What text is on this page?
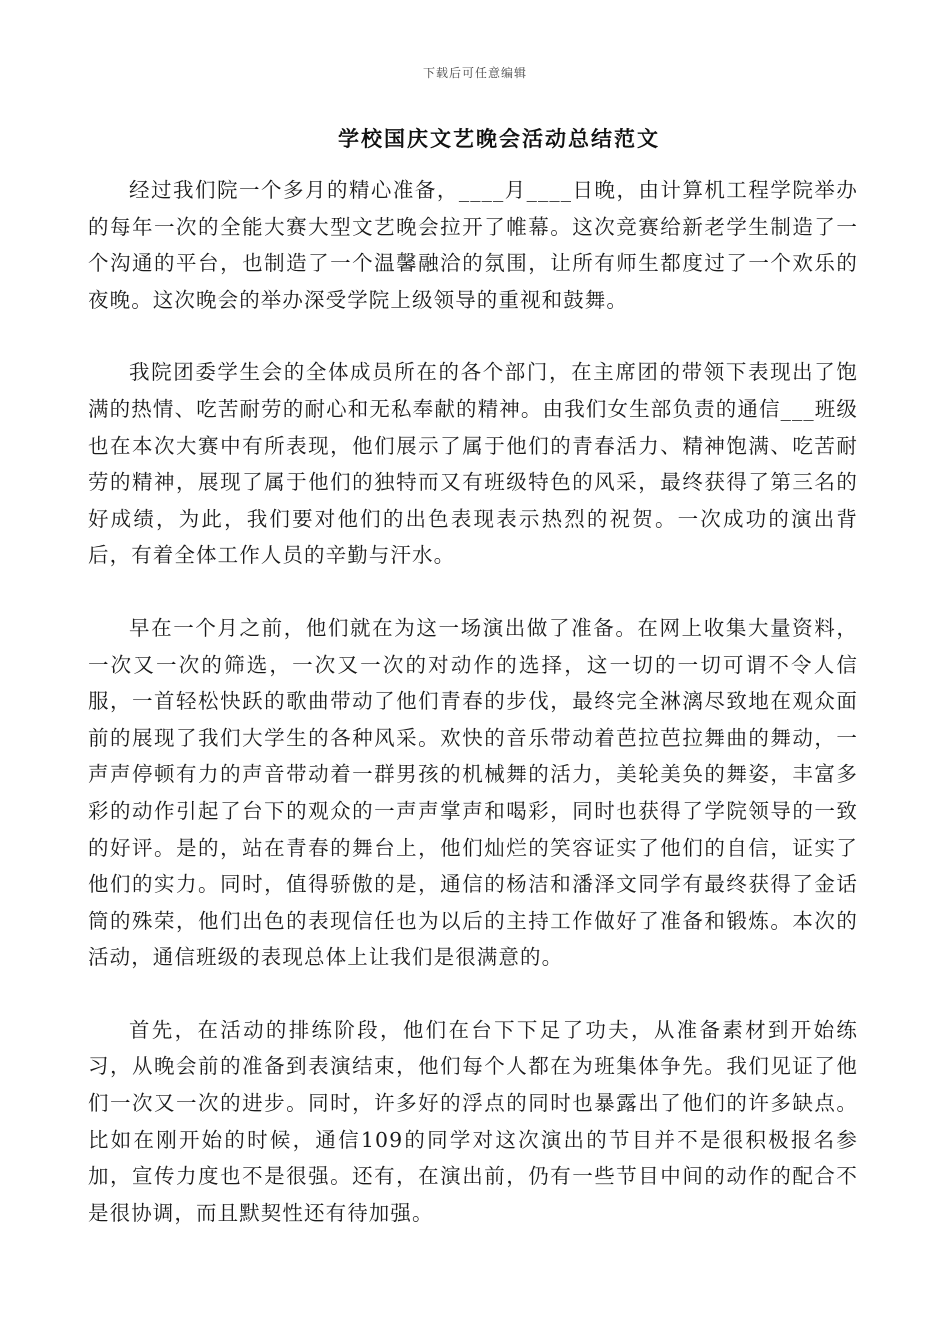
下载后可任意编辑
学校国庆文艺晚会活动总结范文

经过我们院一个多月的精心准备，____月____日晚，由计算机工程学院举办的每年一次的全能大赛大型文艺晚会拉开了帷幕。这次竞赛给新老学生制造了一个沟通的平台，也制造了一个温馨融洽的氛围，让所有师生都度过了一个欢乐的夜晚。这次晚会的举办深受学院上级领导的重视和鼓舞。

我院团委学生会的全体成员所在的各个部门，在主席团的带领下表现出了饱满的热情、吃苦耐劳的耐心和无私奉献的精神。由我们女生部负责的通信___班级也在本次大赛中有所表现，他们展示了属于他们的青春活力、精神饱满、吃苦耐劳的精神，展现了属于他们的独特而又有班级特色的风采，最终获得了第三名的好成绩，为此，我们要对他们的出色表现表示热烈的祝贺。一次成功的演出背后，有着全体工作人员的辛勤与汗水。

早在一个月之前，他们就在为这一场演出做了准备。在网上收集大量资料，一次又一次的筛选，一次又一次的对动作的选择，这一切的一切可谓不令人信服，一首轻松快跃的歌曲带动了他们青春的步伐，最终完全淋漓尽致地在观众面前的展现了我们大学生的各种风采。欢快的音乐带动着芭拉芭拉舞曲的舞动，一声声停顿有力的声音带动着一群男孩的机械舞的活力，美轮美奂的舞姿，丰富多彩的动作引起了台下的观众的一声声掌声和喝彩，同时也获得了学院领导的一致的好评。是的，站在青春的舞台上，他们灿烂的笑容证实了他们的自信，证实了他们的实力。同时，值得骄傲的是，通信的杨洁和潘泽文同学有最终获得了金话筒的殊荣，他们出色的表现信任也为以后的主持工作做好了准备和锻炼。本次的活动，通信班级的表现总体上让我们是很满意的。

首先，在活动的排练阶段，他们在台下下足了功夫，从准备素材到开始练习，从晚会前的准备到表演结束，他们每个人都在为班集体争先。我们见证了他们一次又一次的进步。同时，许多好的浮点的同时也暴露出了他们的许多缺点。比如在刚开始的时候，通信109的同学对这次演出的节目并不是很积极报名参加，宣传力度也不是很强。还有，在演出前，仍有一些节目中间的动作的配合不是很协调，而且默契性还有待加强。
